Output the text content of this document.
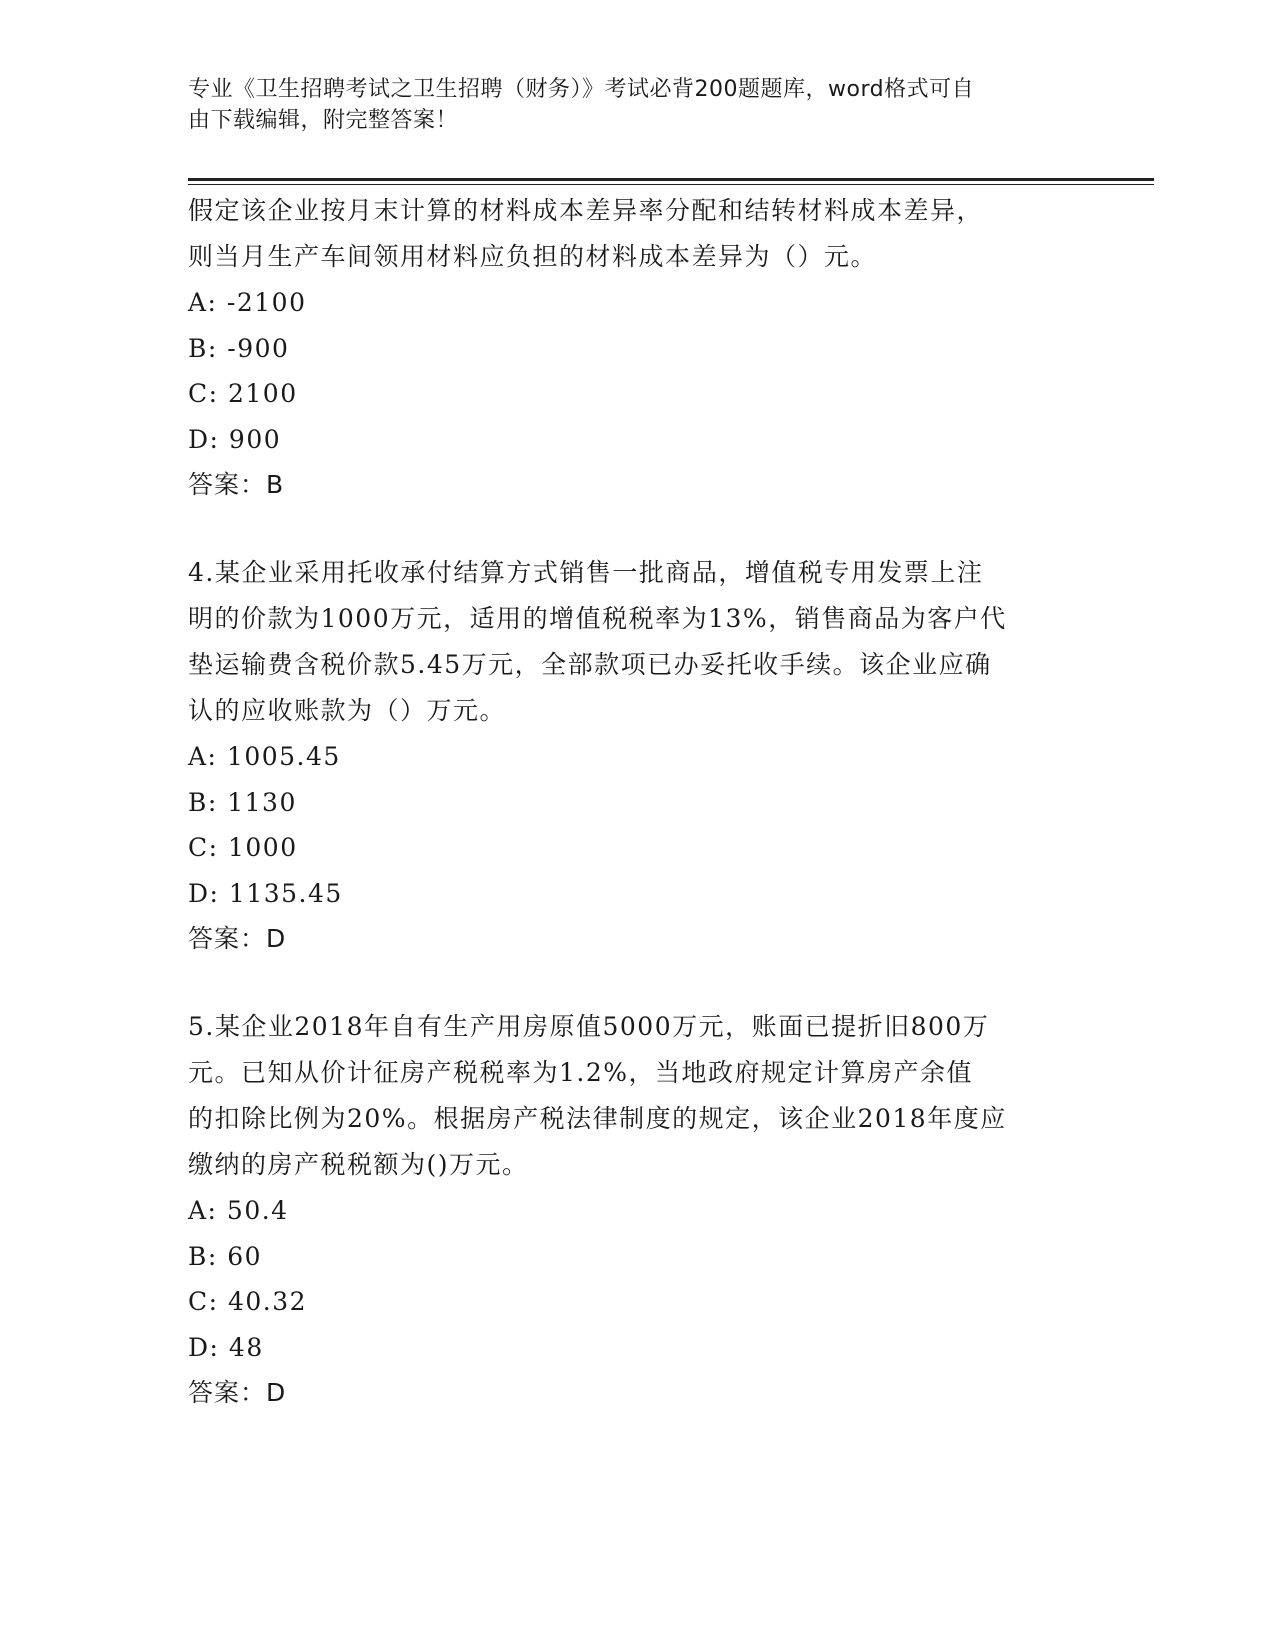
专业《卫生招聘考试之卫生招聘（财务）》考试必背200题题库，word格式可自
由下载编辑，附完整答案！
假定该企业按月末计算的材料成本差异率分配和结转材料成本差异，
则当月生产车间领用材料应负担的材料成本差异为（）元。
A: -2100
B: -900
C: 2100
D: 900
答案：B
4.某企业采用托收承付结算方式销售一批商品，增值税专用发票上注
明的价款为1000万元，适用的增值税税率为13%，销售商品为客户代
垫运输费含税价款5.45万元，全部款项已办妥托收手续。该企业应确
认的应收账款为（）万元。
A: 1005.45
B: 1130
C: 1000
D: 1135.45
答案：D
5.某企业2018年自有生产用房原值5000万元，账面已提折旧800万
元。已知从价计征房产税税率为1.2%，当地政府规定计算房产余值
的扣除比例为20%。根据房产税法律制度的规定，该企业2018年度应
缴纳的房产税税额为()万元。
A: 50.4
B: 60
C: 40.32
D: 48
答案：D
